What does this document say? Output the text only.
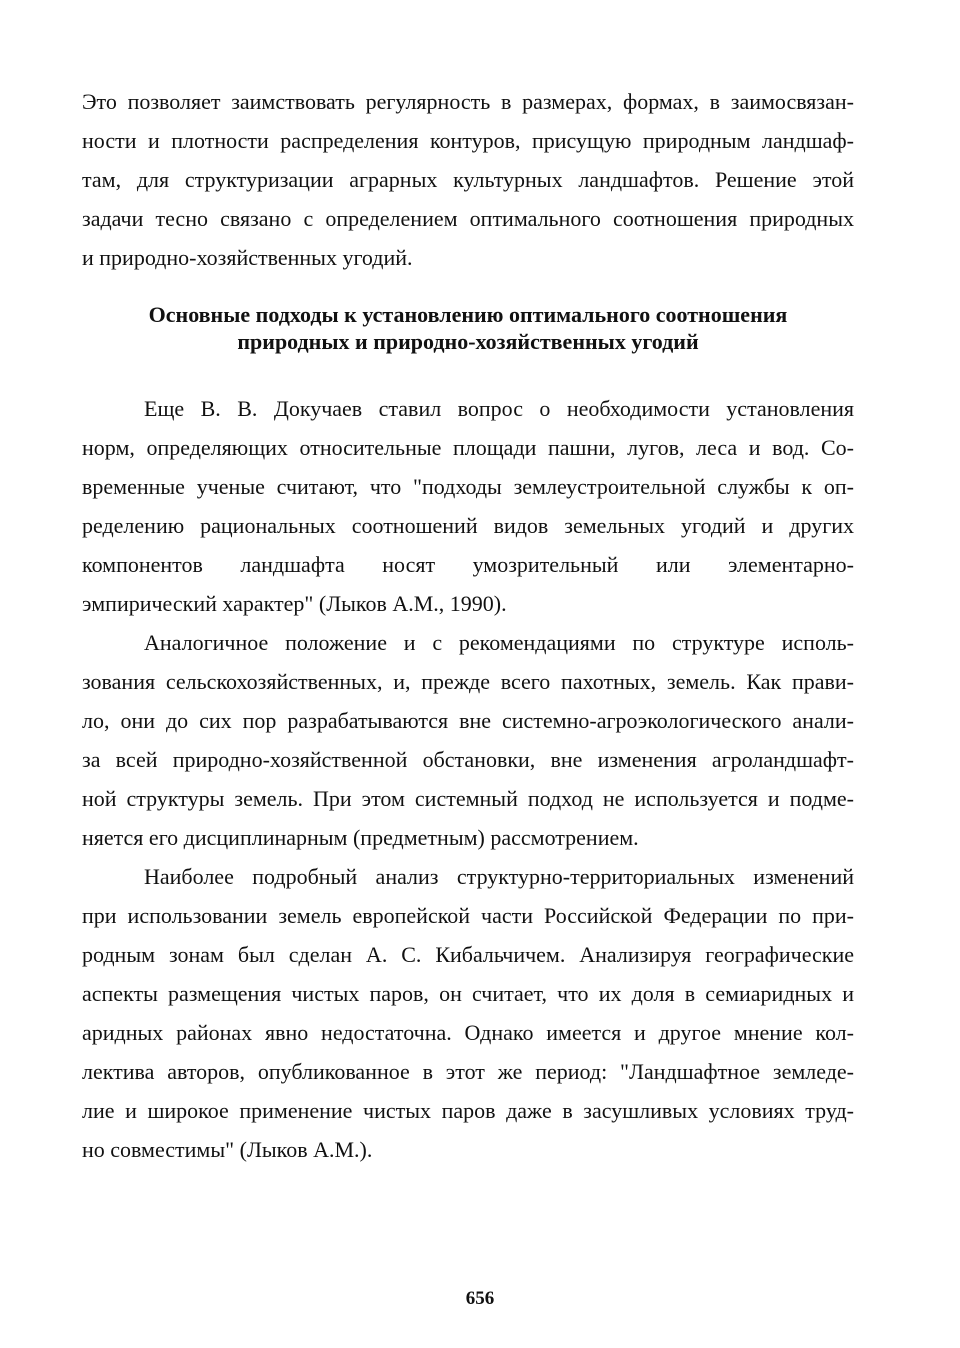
Это позволяет заимствовать регулярность в размерах, формах, в заимосвязан-
ности и плотности распределения контуров, присущую природным ландшаф-
там, для структуризации аграрных культурных ландшафтов. Решение этой
задачи тесно связано с определением оптимального соотношения природных
и природно-хозяйственных угодий.
Основные подходы к установлению оптимального соотношения
природных и природно-хозяйственных угодий
Еще В. В. Докучаев ставил вопрос о необходимости установления
норм, определяющих относительные площади пашни, лугов, леса и вод. Со-
временные ученые считают, что "подходы землеустроительной службы к оп-
ределению рациональных соотношений видов земельных угодий и других
компонентов ландшафта носят умозрительный или элементарно-
эмпирический характер" (Лыков А.М., 1990).
Аналогичное положение и с рекомендациями по структуре исполь-
зования сельскохозяйственных, и, прежде всего пахотных, земель. Как прави-
ло, они до сих пор разрабатываются вне системно-агроэкологического анали-
за всей природно-хозяйственной обстановки, вне изменения агроландшафт-
ной структуры земель. При этом системный подход не используется и подме-
няется его дисциплинарным (предметным) рассмотрением.
Наиболее подробный анализ структурно-территориальных изменений
при использовании земель европейской части Российской Федерации по при-
родным зонам был сделан А. С. Кибальчичем. Анализируя географические
аспекты размещения чистых паров, он считает, что их доля в семиаридных и
аридных районах явно недостаточна. Однако имеется и другое мнение кол-
лектива авторов, опубликованное в этот же период: "Ландшафтное земледе-
лие и широкое применение чистых паров даже в засушливых условиях труд-
но совместимы" (Лыков А.М.).
656
